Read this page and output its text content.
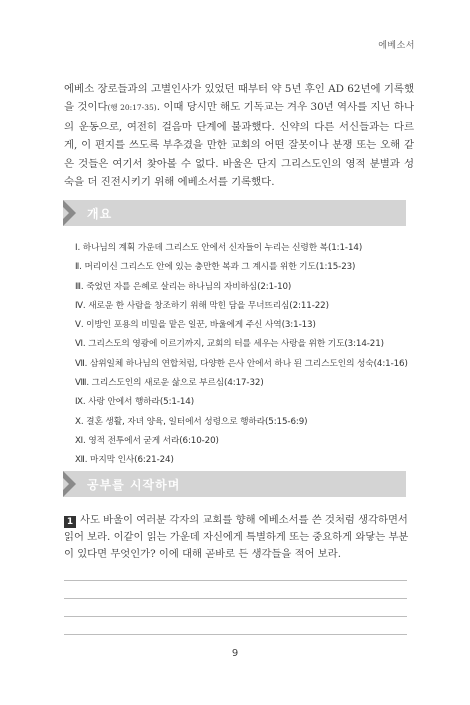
에베소서

에베소 장로들과의 고별인사가 있었던 때부터 약 5년 후인 AD 62년에 기록했을 것이다(행 20:17-35). 이때 당시만 해도 기독교는 겨우 30년 역사를 지닌 하나의 운동으로, 여전히 걸음마 단계에 불과했다. 신약의 다른 서신들과는 다르게, 이 편지를 쓰도록 부추겼을 만한 교회의 어떤 잘못이나 분쟁 또는 오해 같은 것들은 여기서 찾아볼 수 없다. 바울은 단지 그리스도인의 영적 분별과 성숙을 더 진전시키기 위해 에베소서를 기록했다.

개요
Ⅰ. 하나님의 계획 가운데 그리스도 안에서 신자들이 누리는 신령한 복(1:1-14)
Ⅱ. 머리이신 그리스도 안에 있는 충만한 복과 그 계시를 위한 기도(1:15-23)
Ⅲ. 죽었던 자를 은혜로 살리는 하나님의 자비하심(2:1-10)
Ⅳ. 새로운 한 사람을 창조하기 위해 막힌 담을 무너뜨리심(2:11-22)
Ⅴ. 이방인 포용의 비밀을 맡은 일꾼, 바울에게 주신 사역(3:1-13)
Ⅵ. 그리스도의 영광에 이르기까지, 교회의 터를 세우는 사랑을 위한 기도(3:14-21)
Ⅶ. 삼위일체 하나님의 연합처럼, 다양한 은사 안에서 하나 된 그리스도인의 성숙(4:1-16)
Ⅷ. 그리스도인의 새로운 삶으로 부르심(4:17-32)
Ⅸ. 사랑 안에서 행하라(5:1-14)
Ⅹ. 결혼 생활, 자녀 양육, 일터에서 성령으로 행하라(5:15-6:9)
Ⅺ. 영적 전투에서 굳게 서라(6:10-20)
Ⅻ. 마지막 인사(6:21-24)
공부를 시작하며
1 사도 바울이 여러분 각자의 교회를 향해 에베소서를 쓴 것처럼 생각하면서 읽어 보라. 이같이 읽는 가운데 자신에게 특별하게 또는 중요하게 와닿는 부분이 있다면 무엇인가? 이에 대해 곧바로 든 생각들을 적어 보라.
9
